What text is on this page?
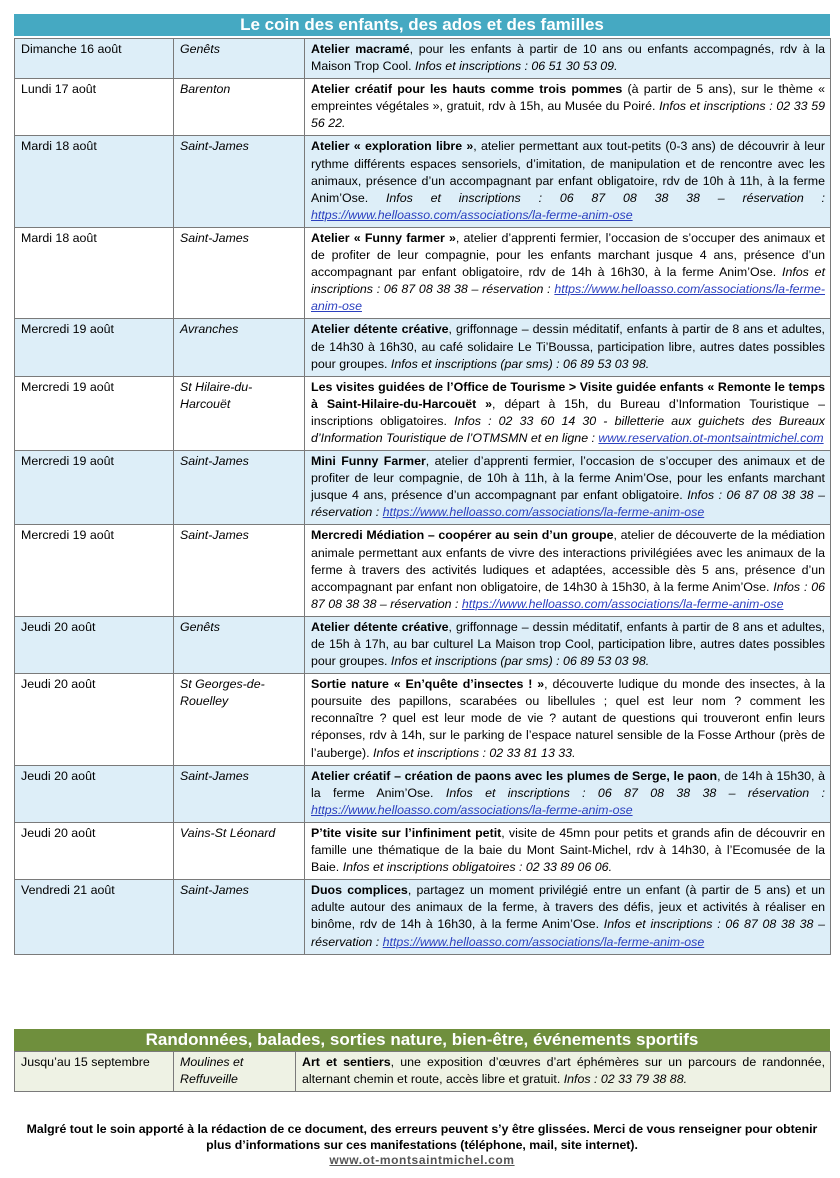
Le coin des enfants, des ados et des familles
Dimanche 16 août	Genêts	Atelier macramé, pour les enfants à partir de 10 ans ou enfants accompagnés, rdv à la Maison Trop Cool. Infos et inscriptions : 06 51 30 53 09.
Lundi 17 août	Barenton	Atelier créatif pour les hauts comme trois pommes (à partir de 5 ans), sur le thème « empreintes végétales », gratuit, rdv à 15h, au Musée du Poiré. Infos et inscriptions : 02 33 59 56 22.
Mardi 18 août	Saint-James	Atelier « exploration libre », atelier permettant aux tout-petits (0-3 ans) de découvrir à leur rythme différents espaces sensoriels, d’imitation, de manipulation et de rencontre avec les animaux, présence d’un accompagnant par enfant obligatoire, rdv de 10h à 11h, à la ferme Anim’Ose. Infos et inscriptions : 06 87 08 38 38 – réservation : https://www.helloasso.com/associations/la-ferme-anim-ose
Mardi 18 août	Saint-James	Atelier « Funny farmer », atelier d’apprenti fermier, l’occasion de s’occuper des animaux et de profiter de leur compagnie, pour les enfants marchant jusque 4 ans, présence d’un accompagnant par enfant obligatoire, rdv de 14h à 16h30, à la ferme Anim’Ose. Infos et inscriptions : 06 87 08 38 38 – réservation : https://www.helloasso.com/associations/la-ferme-anim-ose
Mercredi 19 août	Avranches	Atelier détente créative, griffonnage – dessin méditatif, enfants à partir de 8 ans et adultes, de 14h30 à 16h30, au café solidaire Le Ti’Boussa, participation libre, autres dates possibles pour groupes. Infos et inscriptions (par sms) : 06 89 53 03 98.
Mercredi 19 août	St Hilaire-du-Harcouët	Les visites guidées de l’Office de Tourisme > Visite guidée enfants « Remonte le temps à Saint-Hilaire-du-Harcouët », départ à 15h, du Bureau d’Information Touristique – inscriptions obligatoires. Infos : 02 33 60 14 30 - billetterie aux guichets des Bureaux d’Information Touristique de l’OTMSMN et en ligne : www.reservation.ot-montsaintmichel.com
Mercredi 19 août	Saint-James	Mini Funny Farmer, atelier d’apprenti fermier, l’occasion de s’occuper des animaux et de profiter de leur compagnie, de 10h à 11h, à la ferme Anim’Ose, pour les enfants marchant jusque 4 ans, présence d’un accompagnant par enfant obligatoire. Infos : 06 87 08 38 38 – réservation : https://www.helloasso.com/associations/la-ferme-anim-ose
Mercredi 19 août	Saint-James	Mercredi Médiation – coopérer au sein d’un groupe, atelier de découverte de la médiation animale permettant aux enfants de vivre des interactions privilégiées avec les animaux de la ferme à travers des activités ludiques et adaptées, accessible dès 5 ans, présence d’un accompagnant par enfant non obligatoire, de 14h30 à 15h30, à la ferme Anim’Ose. Infos : 06 87 08 38 38 – réservation : https://www.helloasso.com/associations/la-ferme-anim-ose
Jeudi 20 août	Genêts	Atelier détente créative, griffonnage – dessin méditatif, enfants à partir de 8 ans et adultes, de 15h à 17h, au bar culturel La Maison trop Cool, participation libre, autres dates possibles pour groupes. Infos et inscriptions (par sms) : 06 89 53 03 98.
Jeudi 20 août	St Georges-de-Rouelley	Sortie nature « En’quête d’insectes ! », découverte ludique du monde des insectes, à la poursuite des papillons, scarabées ou libellules ; quel est leur nom ? comment les reconnaître ? quel est leur mode de vie ? autant de questions qui trouveront enfin leurs réponses, rdv à 14h, sur le parking de l’espace naturel sensible de la Fosse Arthour (près de l’auberge). Infos et inscriptions : 02 33 81 13 33.
Jeudi 20 août	Saint-James	Atelier créatif – création de paons avec les plumes de Serge, le paon, de 14h à 15h30, à la ferme Anim’Ose. Infos et inscriptions : 06 87 08 38 38 – réservation : https://www.helloasso.com/associations/la-ferme-anim-ose
Jeudi 20 août	Vains-St Léonard	P’tite visite sur l’infiniment petit, visite de 45mn pour petits et grands afin de découvrir en famille une thématique de la baie du Mont Saint-Michel, rdv à 14h30, à l’Ecomusée de la Baie. Infos et inscriptions obligatoires : 02 33 89 06 06.
Vendredi 21 août	Saint-James	Duos complices, partagez un moment privilégié entre un enfant (à partir de 5 ans) et un adulte autour des animaux de la ferme, à travers des défis, jeux et activités à réaliser en binôme, rdv de 14h à 16h30, à la ferme Anim’Ose. Infos et inscriptions : 06 87 08 38 38 – réservation : https://www.helloasso.com/associations/la-ferme-anim-ose
Randonnées, balades, sorties nature, bien-être, événements sportifs
Jusqu’au 15 septembre	Moulines et Reffuveille	Art et sentiers, une exposition d’œuvres d’art éphémères sur un parcours de randonnée, alternant chemin et route, accès libre et gratuit. Infos : 02 33 79 38 88.
Malgré tout le soin apporté à la rédaction de ce document, des erreurs peuvent s’y être glissées. Merci de vous renseigner pour obtenir plus d’informations sur ces manifestations (téléphone, mail, site internet).
www.ot-montsaintmichel.com
